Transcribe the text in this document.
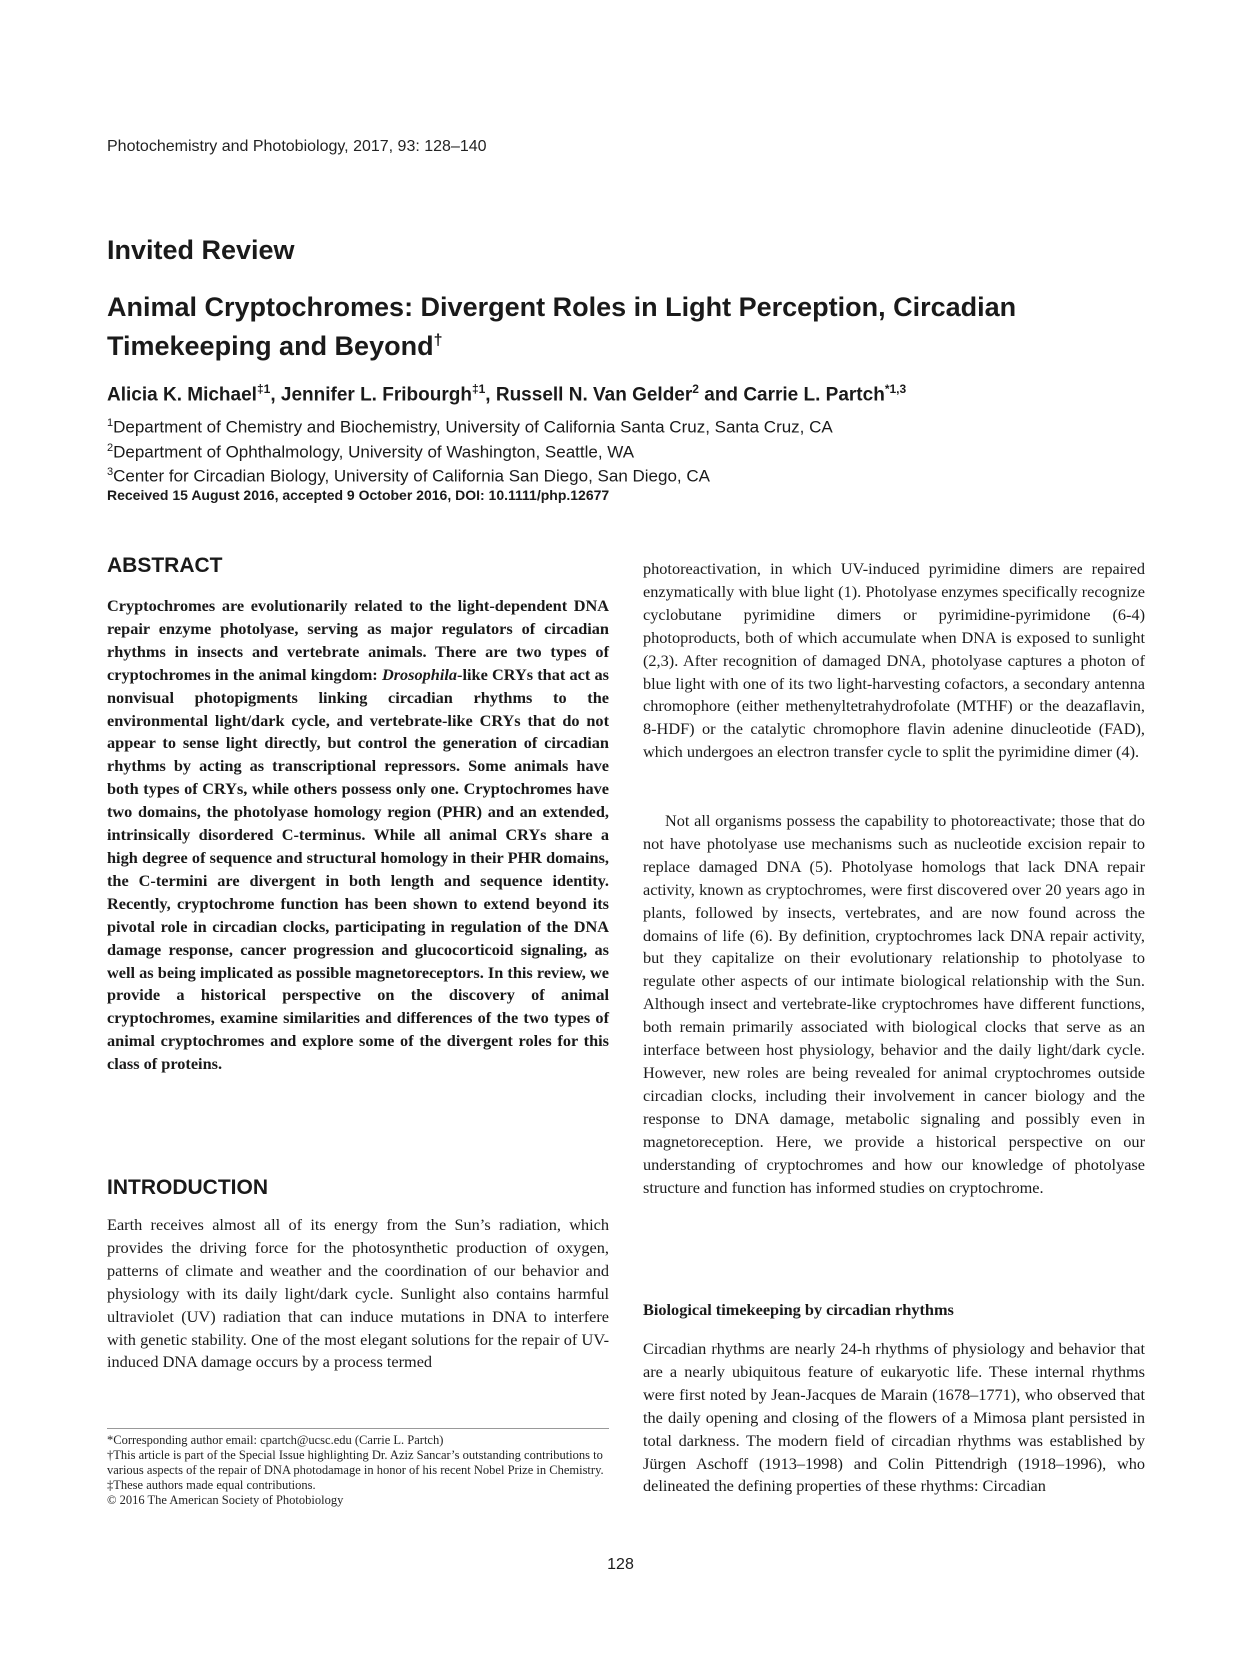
Photochemistry and Photobiology, 2017, 93: 128–140
Invited Review
Animal Cryptochromes: Divergent Roles in Light Perception, Circadian Timekeeping and Beyond†
Alicia K. Michael$^{\ddagger 1}$, Jennifer L. Fribourgh$^{\ddagger 1}$, Russell N. Van Gelder$^2$ and Carrie L. Partch$^{*1,3}$
$^1$Department of Chemistry and Biochemistry, University of California Santa Cruz, Santa Cruz, CA
$^2$Department of Ophthalmology, University of Washington, Seattle, WA
$^3$Center for Circadian Biology, University of California San Diego, San Diego, CA
Received 15 August 2016, accepted 9 October 2016, DOI: 10.1111/php.12677
ABSTRACT

Cryptochromes are evolutionarily related to the light-dependent DNA repair enzyme photolyase, serving as major regulators of circadian rhythms in insects and vertebrate animals. There are two types of cryptochromes in the animal kingdom: Drosophila-like CRYs that act as nonvisual photopigments linking circadian rhythms to the environmental light/dark cycle, and vertebrate-like CRYs that do not appear to sense light directly, but control the generation of circadian rhythms by acting as transcriptional repressors. Some animals have both types of CRYs, while others possess only one. Cryptochromes have two domains, the photolyase homology region (PHR) and an extended, intrinsically disordered C-terminus. While all animal CRYs share a high degree of sequence and structural homology in their PHR domains, the C-termini are divergent in both length and sequence identity. Recently, cryptochrome function has been shown to extend beyond its pivotal role in circadian clocks, participating in regulation of the DNA damage response, cancer progression and glucocorticoid signaling, as well as being implicated as possible magnetoreceptors. In this review, we provide a historical perspective on the discovery of animal cryptochromes, examine similarities and differences of the two types of animal cryptochromes and explore some of the divergent roles for this class of proteins.

INTRODUCTION

Earth receives almost all of its energy from the Sun’s radiation, which provides the driving force for the photosynthetic production of oxygen, patterns of climate and weather and the coordination of our behavior and physiology with its daily light/dark cycle. Sunlight also contains harmful ultraviolet (UV) radiation that can induce mutations in DNA to interfere with genetic stability. One of the most elegant solutions for the repair of UV-induced DNA damage occurs by a process termed

*Corresponding author email: cpartch@ucsc.edu (Carrie L. Partch)

†This article is part of the Special Issue highlighting Dr. Aziz Sancar’s outstanding contributions to various aspects of the repair of DNA photodamage in honor of his recent Nobel Prize in Chemistry.

‡These authors made equal contributions.

© 2016 The American Society of Photobiology

photoreactivation, in which UV-induced pyrimidine dimers are repaired enzymatically with blue light (1). Photolyase enzymes specifically recognize cyclobutane pyrimidine dimers or pyrimidine-pyrimidone (6-4) photoproducts, both of which accumulate when DNA is exposed to sunlight (2,3). After recognition of damaged DNA, photolyase captures a photon of blue light with one of its two light-harvesting cofactors, a secondary antenna chromophore (either methenyltetrahydrofolate (MTHF) or the deazaflavin, 8-HDF) or the catalytic chromophore flavin adenine dinucleotide (FAD), which undergoes an electron transfer cycle to split the pyrimidine dimer (4).

Not all organisms possess the capability to photoreactivate; those that do not have photolyase use mechanisms such as nucleotide excision repair to replace damaged DNA (5). Photolyase homologs that lack DNA repair activity, known as cryptochromes, were first discovered over 20 years ago in plants, followed by insects, vertebrates, and are now found across the domains of life (6). By definition, cryptochromes lack DNA repair activity, but they capitalize on their evolutionary relationship to photolyase to regulate other aspects of our intimate biological relationship with the Sun. Although insect and vertebrate-like cryptochromes have different functions, both remain primarily associated with biological clocks that serve as an interface between host physiology, behavior and the daily light/dark cycle. However, new roles are being revealed for animal cryptochromes outside circadian clocks, including their involvement in cancer biology and the response to DNA damage, metabolic signaling and possibly even in magnetoreception. Here, we provide a historical perspective on our understanding of cryptochromes and how our knowledge of photolyase structure and function has informed studies on cryptochrome.

Biological timekeeping by circadian rhythms

Circadian rhythms are nearly 24-h rhythms of physiology and behavior that are a nearly ubiquitous feature of eukaryotic life. These internal rhythms were first noted by Jean-Jacques de Marain (1678–1771), who observed that the daily opening and closing of the flowers of a Mimosa plant persisted in total darkness. The modern field of circadian rhythms was established by Jürgen Aschoff (1913–1998) and Colin Pittendrigh (1918–1996), who delineated the defining properties of these rhythms: Circadian

128
